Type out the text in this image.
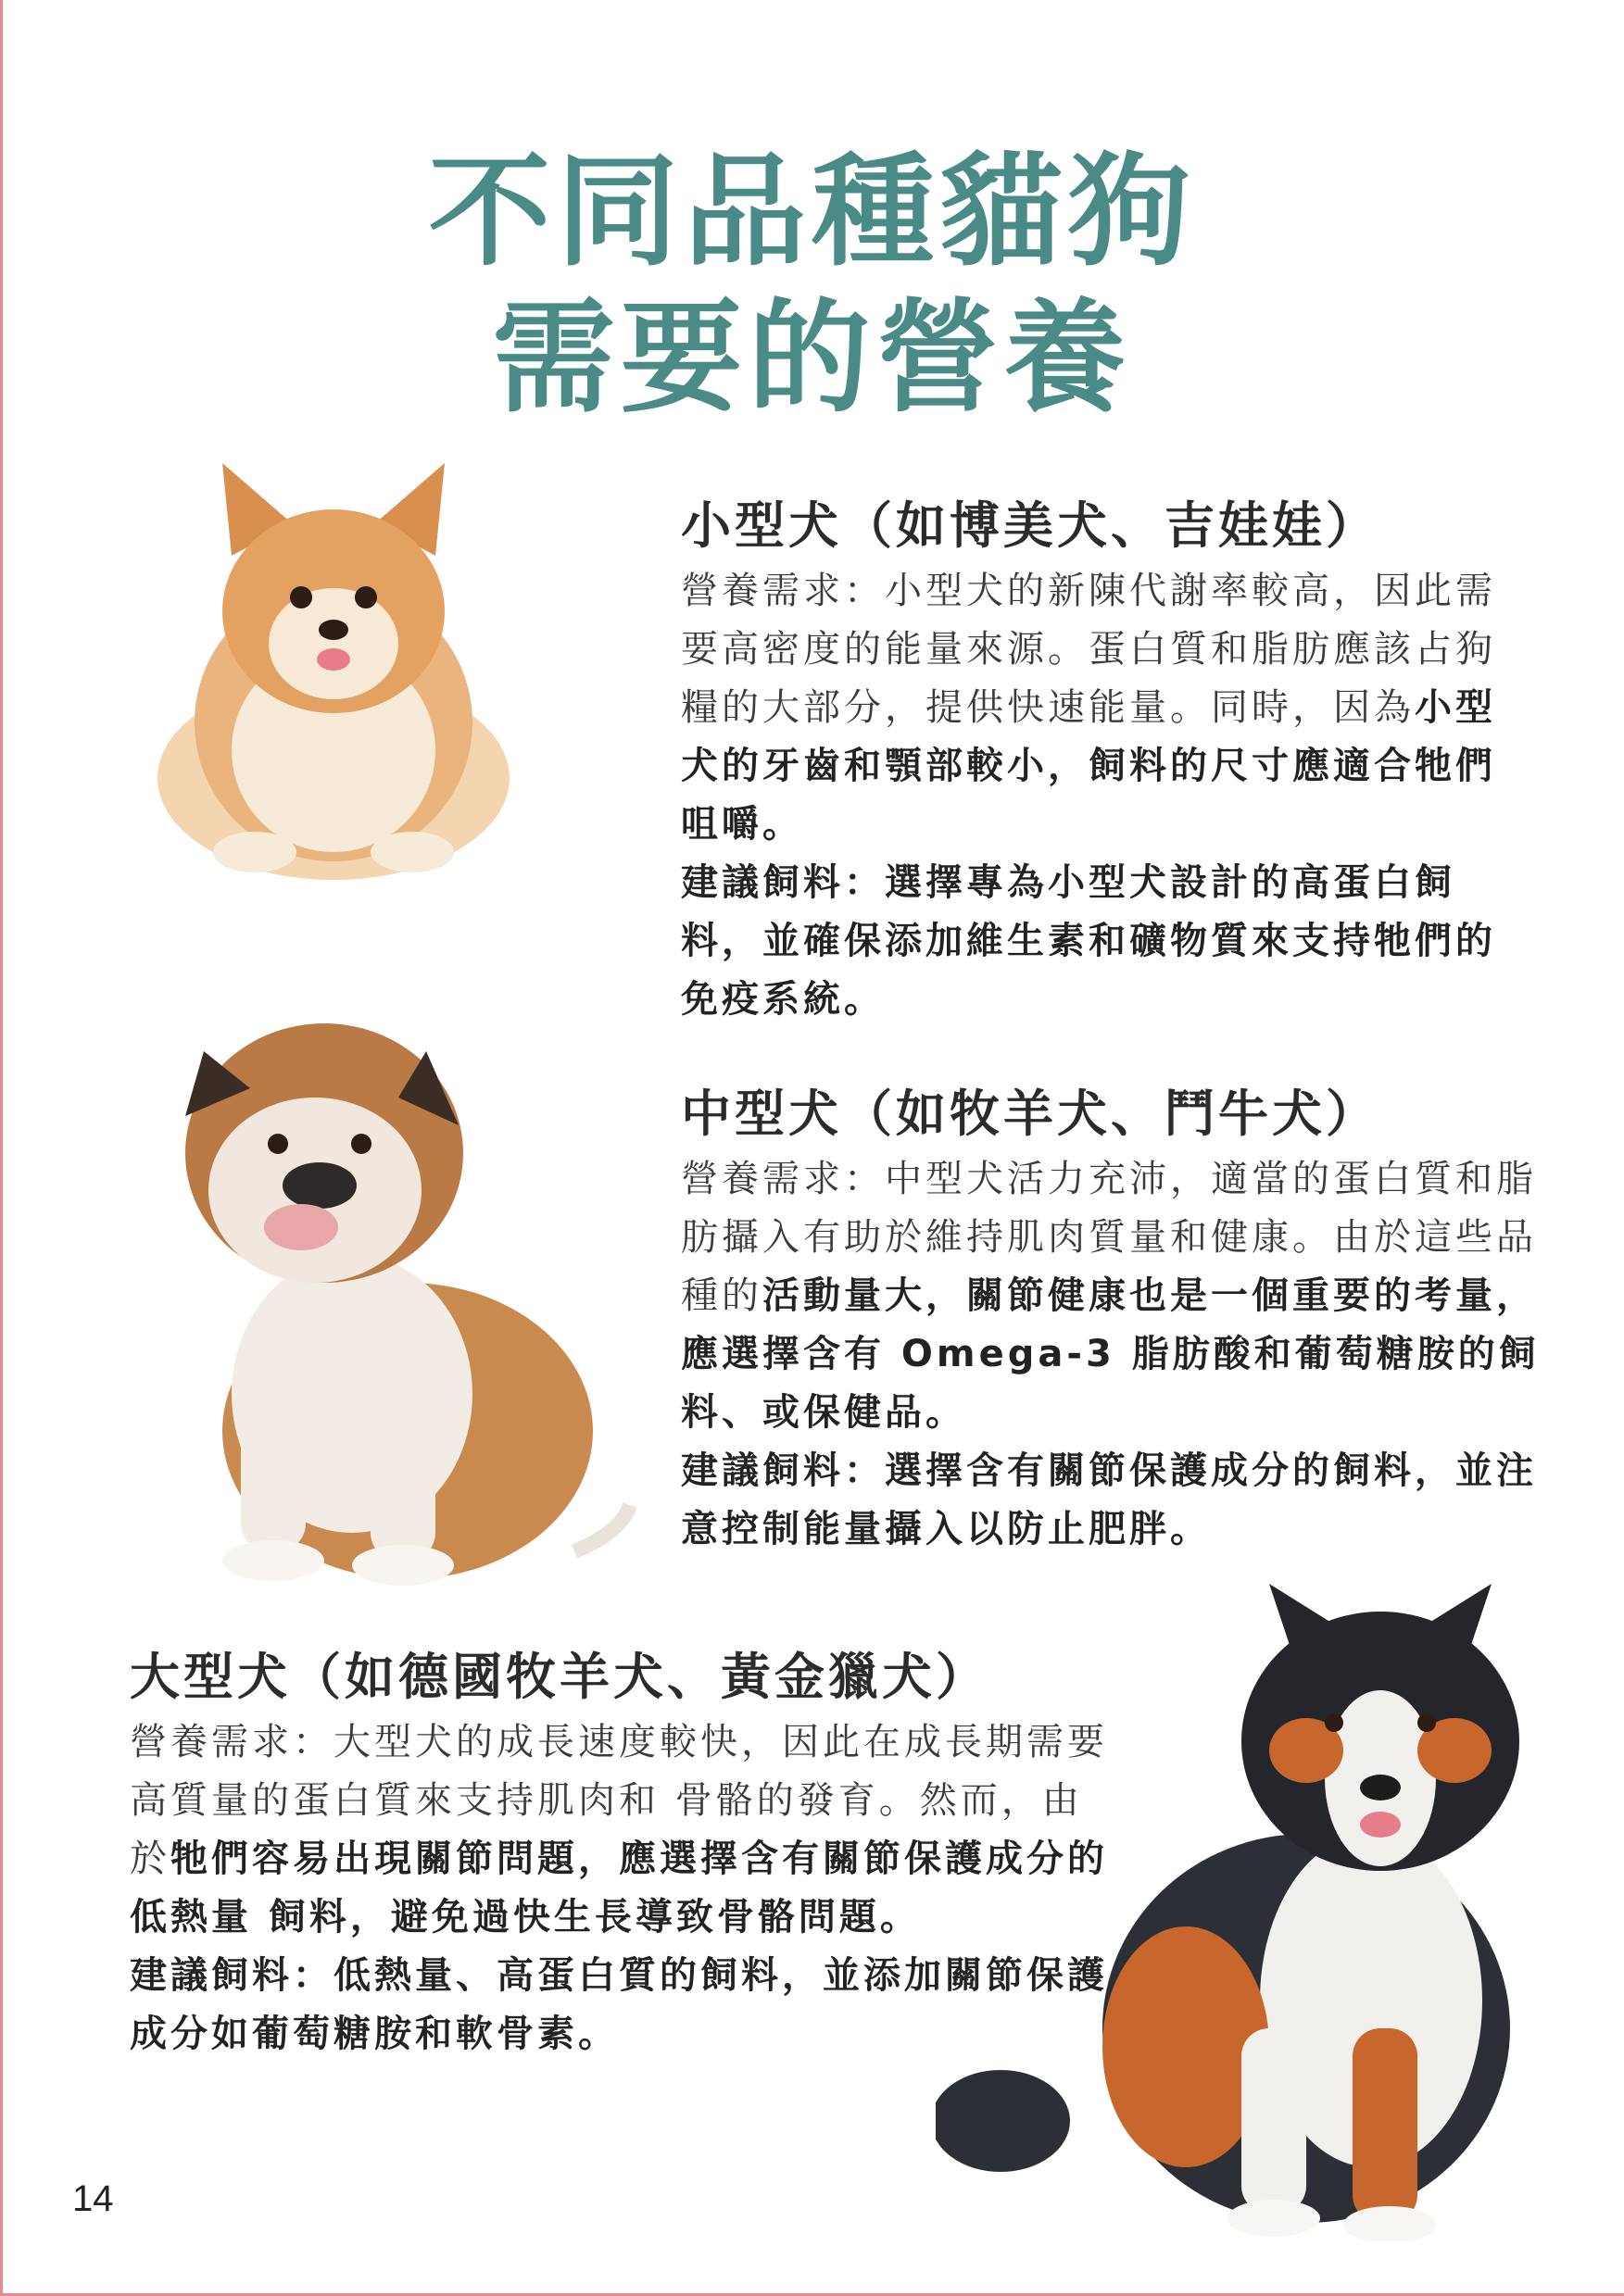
不同品種貓狗
需要的營養
小型犬（如博美犬、吉娃娃）

營養需求：小型犬的新陳代謝率較高，因此需要高密度的能量來源。蛋白質和脂肪應該占狗糧的大部分，提供快速能量。同時，因為小型犬的牙齒和顎部較小，飼料的尺寸應適合牠們咀嚼。

建議飼料：選擇專為小型犬設計的高蛋白飼料，並確保添加維生素和礦物質來支持牠們的免疫系統。

中型犬（如牧羊犬、鬥牛犬）

營養需求：中型犬活力充沛，適當的蛋白質和脂肪攝入有助於維持肌肉質量和健康。由於這些品種的活動量大，關節健康也是一個重要的考量，應選擇含有 Omega-3 脂肪酸和葡萄糖胺的飼料、或保健品。

建議飼料：選擇含有關節保護成分的飼料，並注意控制能量攝入以防止肥胖。

大型犬（如德國牧羊犬、黃金獵犬）

營養需求：大型犬的成長速度較快，因此在成長期需要高質量的蛋白質來支持肌肉和 骨骼的發育。然而，由於牠們容易出現關節問題，應選擇含有關節保護成分的低熱量 飼料，避免過快生長導致骨骼問題。

建議飼料：低熱量、高蛋白質的飼料，並添加關節保護成分如葡萄糖胺和軟骨素。

14
